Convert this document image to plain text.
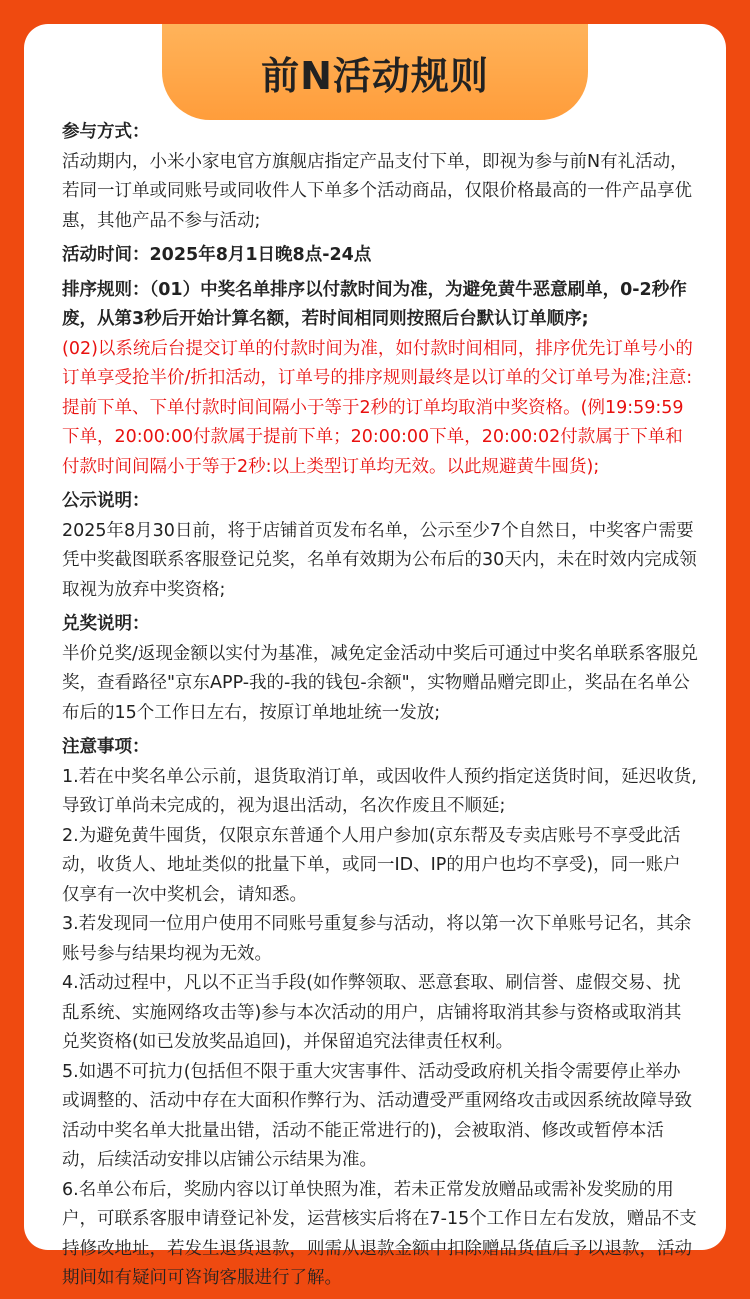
前N活动规则

参与方式：

活动期内，小米小家电官方旗舰店指定产品支付下单，即视为参与前N有礼活动，若同一订单或同账号或同收件人下单多个活动商品，仅限价格最高的一件产品享优惠，其他产品不参与活动;

活动时间：2025年8月1日晚8点-24点

排序规则：（01）中奖名单排序以付款时间为准，为避免黄牛恶意刷单，0-2秒作废，从第3秒后开始计算名额，若时间相同则按照后台默认订单顺序;

(02)以系统后台提交订单的付款时间为准，如付款时间相同，排序优先订单号小的订单享受抢半价/折扣活动，订单号的排序规则最终是以订单的父订单号为准;注意:提前下单、下单付款时间间隔小于等于2秒的订单均取消中奖资格。(例19:59:59下单，20:00:00付款属于提前下单；20:00:00下单，20:00:02付款属于下单和付款时间间隔小于等于2秒:以上类型订单均无效。以此规避黄牛囤货);

公示说明：

2025年8月30日前，将于店铺首页发布名单，公示至少7个自然日，中奖客户需要凭中奖截图联系客服登记兑奖，名单有效期为公布后的30天内，未在时效内完成领取视为放弃中奖资格;

兑奖说明：

半价兑奖/返现金额以实付为基准，减免定金活动中奖后可通过中奖名单联系客服兑奖，查看路径"京东APP-我的-我的钱包-余额"，实物赠品赠完即止，奖品在名单公布后的15个工作日左右，按原订单地址统一发放;

注意事项：

1.若在中奖名单公示前，退货取消订单，或因收件人预约指定送货时间，延迟收货,导致订单尚未完成的，视为退出活动，名次作废且不顺延;

2.为避免黄牛囤货，仅限京东普通个人用户参加(京东帮及专卖店账号不享受此活动，收货人、地址类似的批量下单，或同一ID、IP的用户也均不享受)，同一账户仅享有一次中奖机会，请知悉。

3.若发现同一位用户使用不同账号重复参与活动，将以第一次下单账号记名，其余账号参与结果均视为无效。

4.活动过程中，凡以不正当手段(如作弊领取、恶意套取、刷信誉、虚假交易、扰乱系统、实施网络攻击等)参与本次活动的用户，店铺将取消其参与资格或取消其兑奖资格(如已发放奖品追回)，并保留追究法律责任权利。

5.如遇不可抗力(包括但不限于重大灾害事件、活动受政府机关指令需要停止举办或调整的、活动中存在大面积作弊行为、活动遭受严重网络攻击或因系统故障导致活动中奖名单大批量出错，活动不能正常进行的)，会被取消、修改或暂停本活动，后续活动安排以店铺公示结果为准。

6.名单公布后，奖励内容以订单快照为准，若未正常发放赠品或需补发奖励的用户，可联系客服申请登记补发，运营核实后将在7-15个工作日左右发放，赠品不支持修改地址，若发生退货退款，则需从退款金额中扣除赠品货值后予以退款，活动期间如有疑问可咨询客服进行了解。
